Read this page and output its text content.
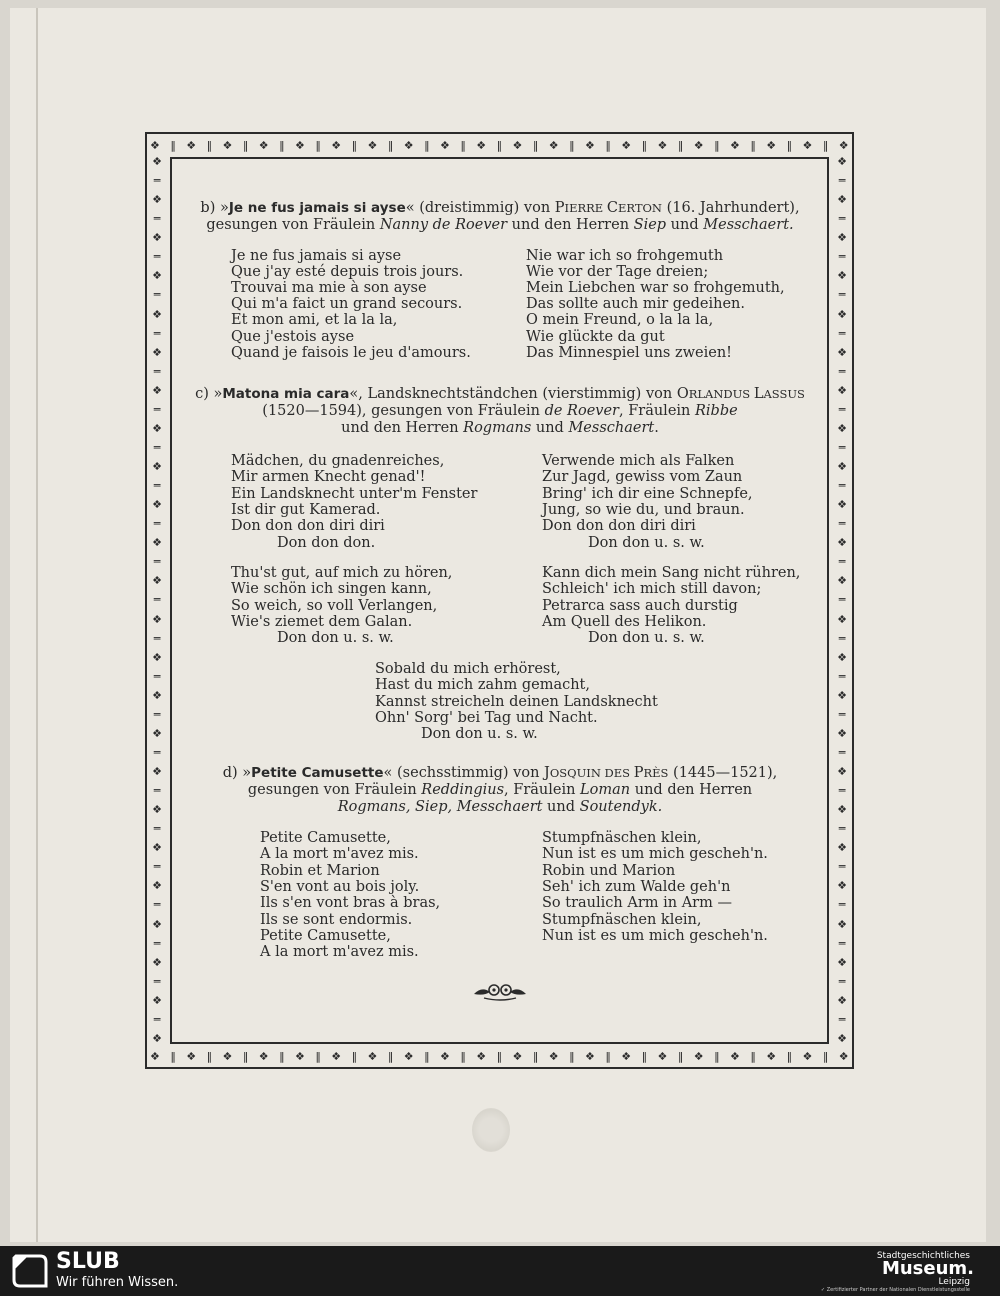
❖ ‖ ❖ ‖ ❖ ‖ ❖ ‖ ❖ ‖ ❖ ‖ ❖ ‖ ❖ ‖ ❖ ‖ ❖ ‖ ❖ ‖ ❖ ‖ ❖ ‖ ❖ ‖ ❖ ‖ ❖ ‖ ❖ ‖ ❖ ‖ ❖ ‖ ❖
❖ ‖ ❖ ‖ ❖ ‖ ❖ ‖ ❖ ‖ ❖ ‖ ❖ ‖ ❖ ‖ ❖ ‖ ❖ ‖ ❖ ‖ ❖ ‖ ❖ ‖ ❖ ‖ ❖ ‖ ❖ ‖ ❖ ‖ ❖ ‖ ❖ ‖ ❖
❖
═
❖
═
❖
═
❖
═
❖
═
❖
═
❖
═
❖
═
❖
═
❖
═
❖
═
❖
═
❖
═
❖
═
❖
═
❖
═
❖
═
❖
═
❖
═
❖
═
❖
═
❖
═
❖
═
❖
❖
═
❖
═
❖
═
❖
═
❖
═
❖
═
❖
═
❖
═
❖
═
❖
═
❖
═
❖
═
❖
═
❖
═
❖
═
❖
═
❖
═
❖
═
❖
═
❖
═
❖
═
❖
═
❖
═
❖
b) »Je ne fus jamais si ayse« (dreistimmig) von PIERRE CERTON (16. Jahrhundert),
gesungen von Fräulein Nanny de Roever und den Herren Siep und Messchaert.
Je ne fus jamais si ayse
Que j'ay esté depuis trois jours.
Trouvai ma mie à son ayse
Qui m'a faict un grand secours.
Et mon ami, et la la la,
Que j'estois ayse
Quand je faisois le jeu d'amours.
Nie war ich so frohgemuth
Wie vor der Tage dreien;
Mein Liebchen war so frohgemuth,
Das sollte auch mir gedeihen.
O mein Freund, o la la la,
Wie glückte da gut
Das Minnespiel uns zweien!
c) »Matona mia cara«, Landsknechtständchen (vierstimmig) von ORLANDUS LASSUS
(1520—1594), gesungen von Fräulein de Roever, Fräulein Ribbe
und den Herren Rogmans und Messchaert.
Mädchen, du gnadenreiches,
Mir armen Knecht genad'!
Ein Landsknecht unter'm Fenster
Ist dir gut Kamerad.
Don don don diri diri
Don don don.
Verwende mich als Falken
Zur Jagd, gewiss vom Zaun
Bring' ich dir eine Schnepfe,
Jung, so wie du, und braun.
Don don don diri diri
Don don u. s. w.
Thu'st gut, auf mich zu hören,
Wie schön ich singen kann,
So weich, so voll Verlangen,
Wie's ziemet dem Galan.
Don don u. s. w.
Kann dich mein Sang nicht rühren,
Schleich' ich mich still davon;
Petrarca sass auch durstig
Am Quell des Helikon.
Don don u. s. w.
Sobald du mich erhörest,
Hast du mich zahm gemacht,
Kannst streicheln deinen Landsknecht
Ohn' Sorg' bei Tag und Nacht.
Don don u. s. w.
d) »Petite Camusette« (sechsstimmig) von JOSQUIN DES PRÈS (1445—1521),
gesungen von Fräulein Reddingius, Fräulein Loman und den Herren
Rogmans, Siep, Messchaert und Soutendyk.
Petite Camusette,
A la mort m'avez mis.
Robin et Marion
S'en vont au bois joly.
Ils s'en vont bras à bras,
Ils se sont endormis.
Petite Camusette,
A la mort m'avez mis.
Stumpfnäschen klein,
Nun ist es um mich gescheh'n.
Robin und Marion
Seh' ich zum Walde geh'n
So traulich Arm in Arm —
Stumpfnäschen klein,
Nun ist es um mich gescheh'n.
SLUB
Wir führen Wissen.
Stadtgeschichtliches
Museum.
Leipzig
✓ Zertifizierter Partner der Nationalen Dienstleistungsstelle
